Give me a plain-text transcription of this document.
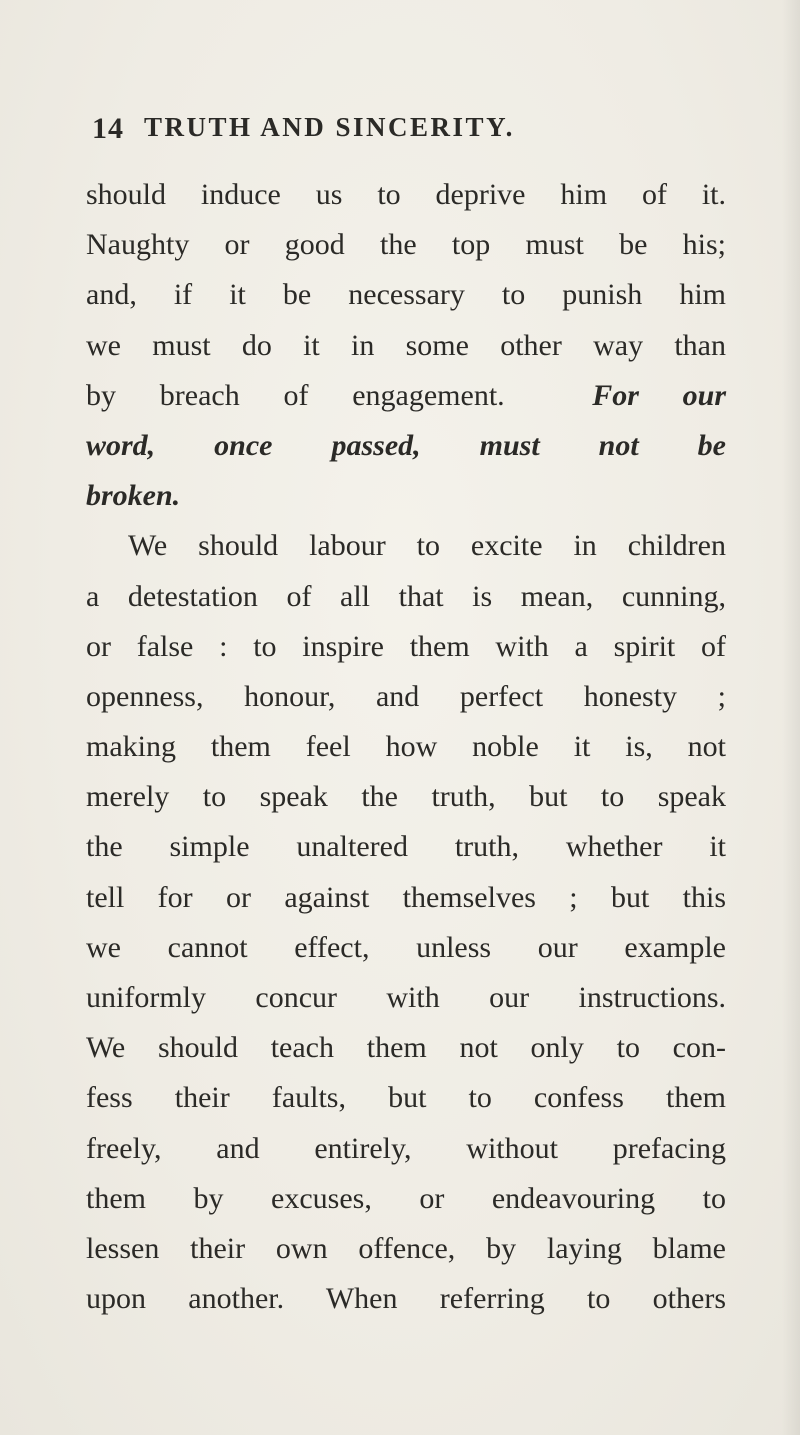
14 TRUTH AND SINCERITY.
should induce us to deprive him of it.
Naughty or good the top must be his;
and, if it be necessary to punish him
we must do it in some other way than
by breach of engagement.  For our
word, once passed, must not be
broken.
We should labour to excite in children
a detestation of all that is mean, cunning,
or false : to inspire them with a spirit of
openness, honour, and perfect honesty ;
making them feel how noble it is, not
merely to speak the truth, but to speak
the simple unaltered truth, whether it
tell for or against themselves ; but this
we cannot effect, unless our example
uniformly concur with our instructions.
We should teach them not only to con-
fess their faults, but to confess them
freely, and entirely, without prefacing
them by excuses, or endeavouring to
lessen their own offence, by laying blame
upon another. When referring to others
